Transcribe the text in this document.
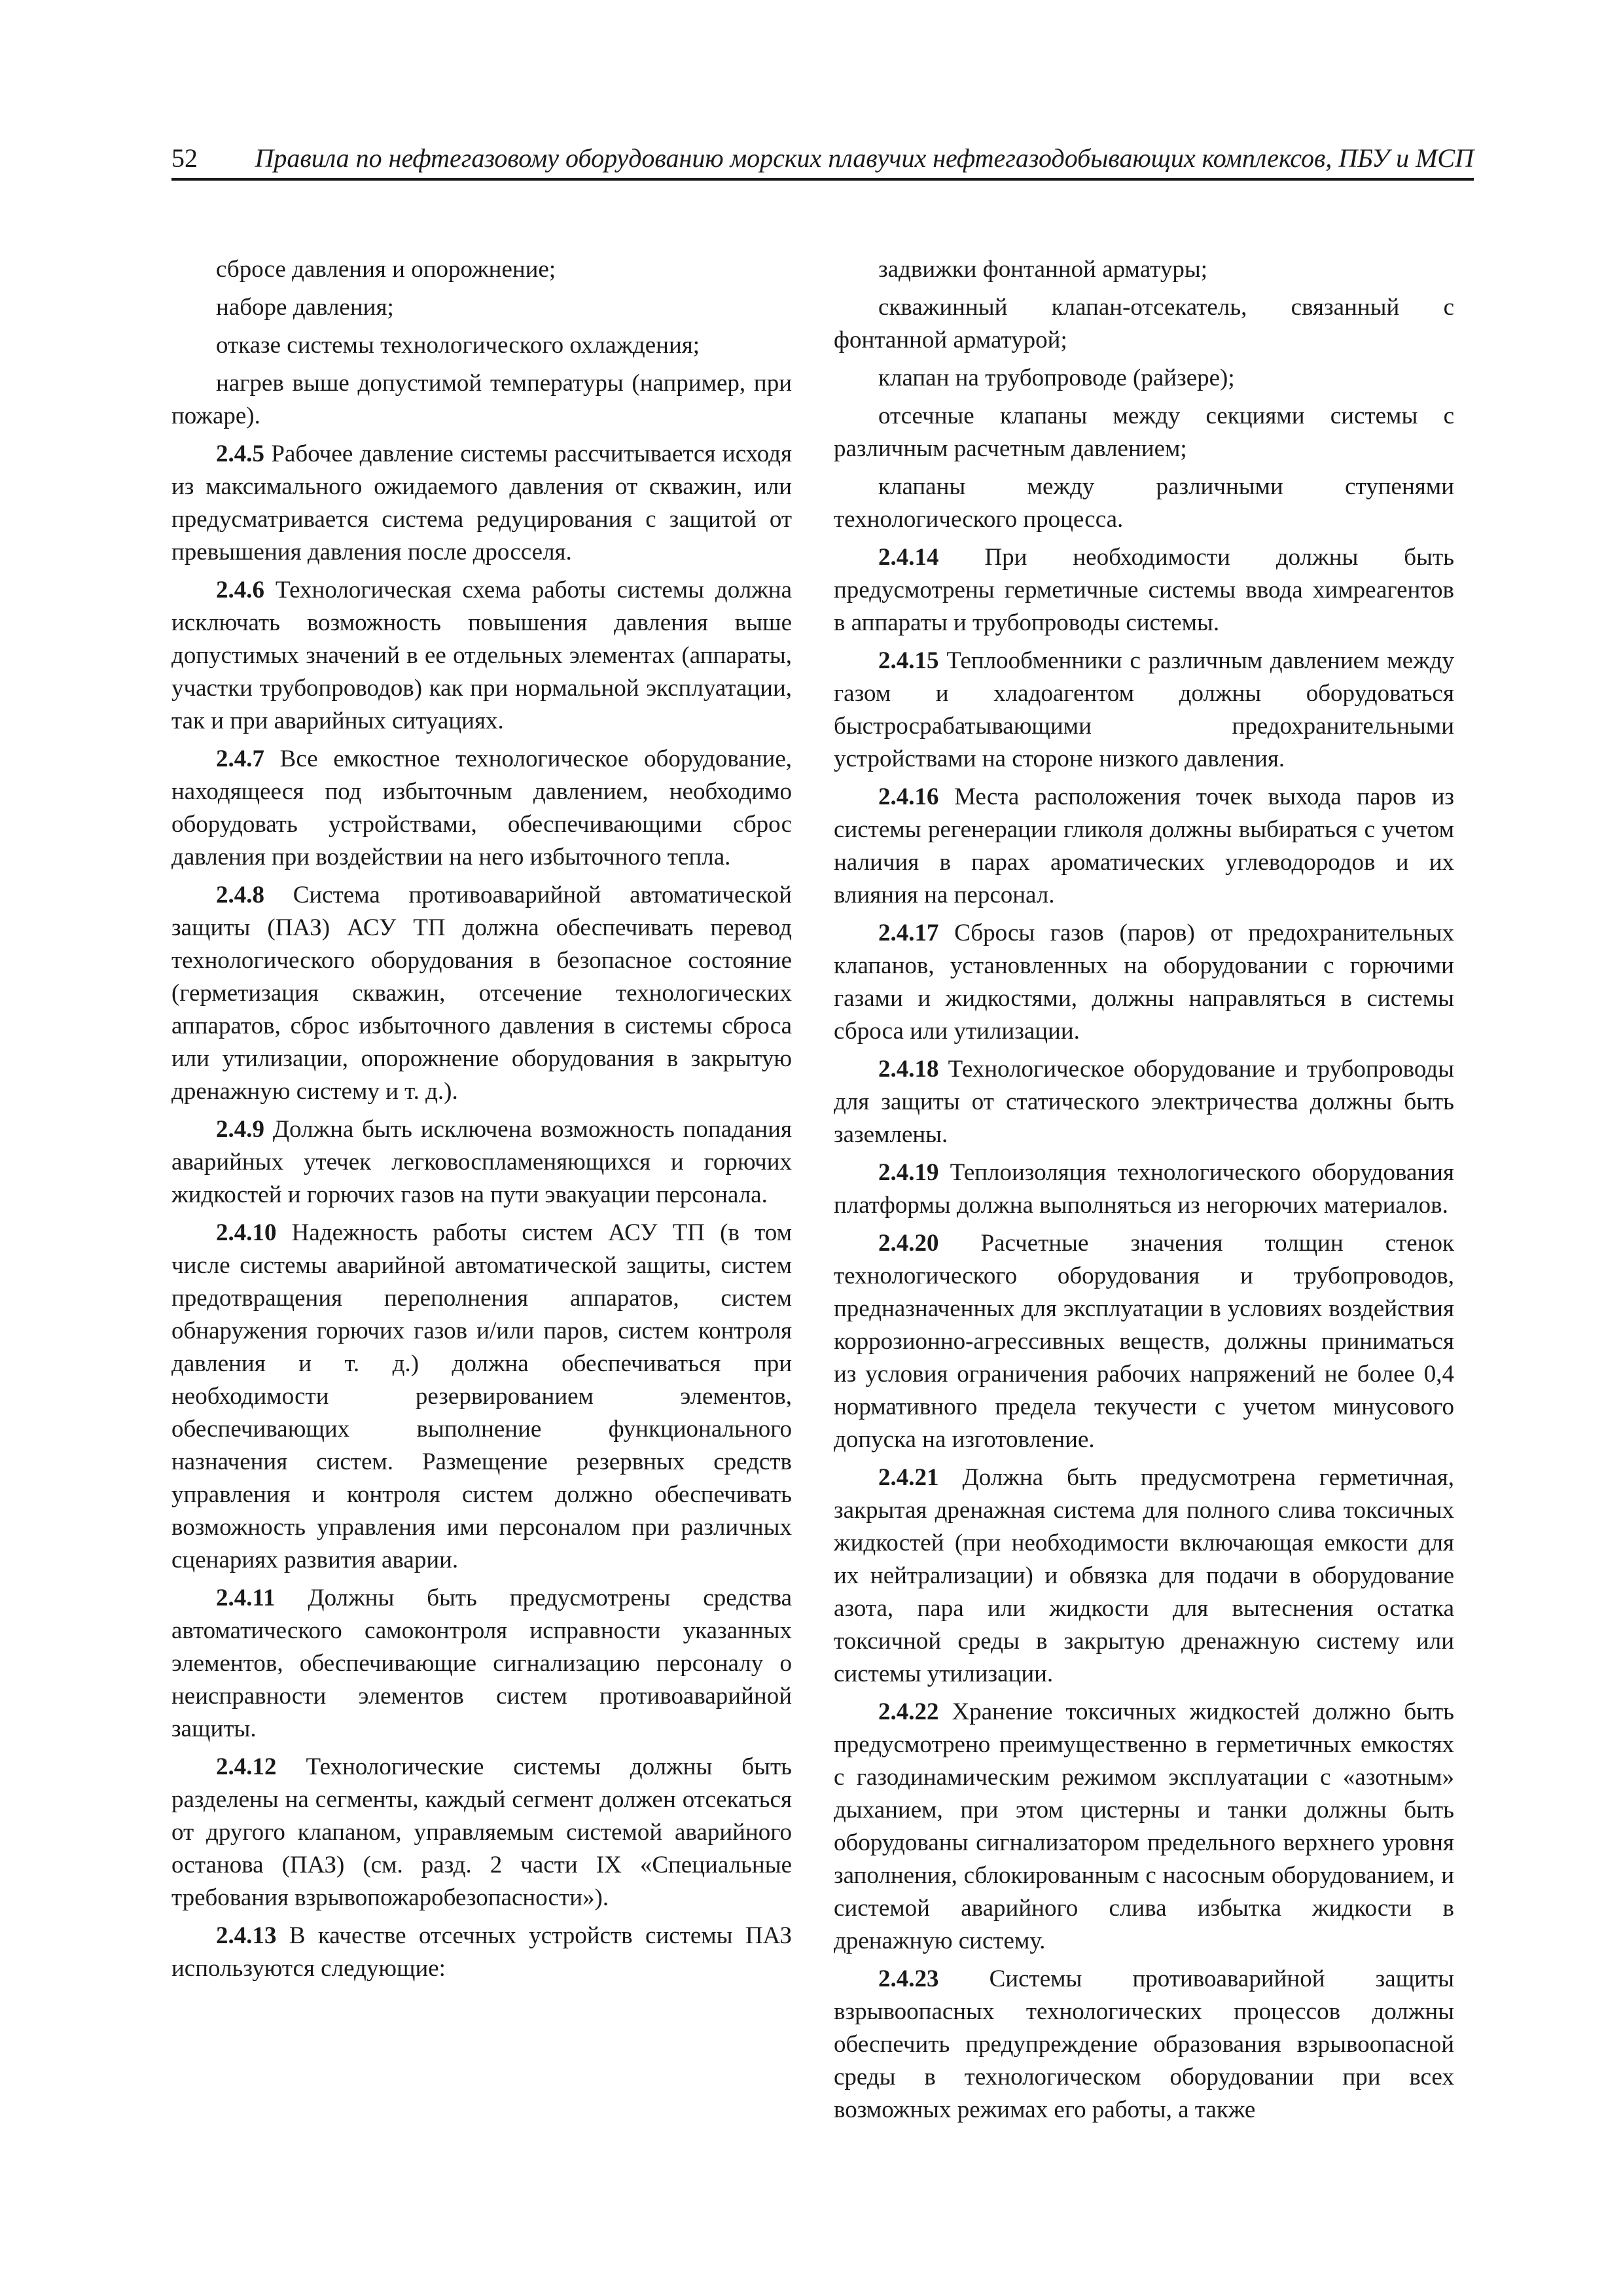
52 Правила по нефтегазовому оборудованию морских плавучих нефтегазодобывающих комплексов, ПБУ и МСП

сбросе давления и опорожнение;

наборе давления;

отказе системы технологического охлаждения;

нагрев выше допустимой температуры (например, при пожаре).

2.4.5 Рабочее давление системы рассчитывается исходя из максимального ожидаемого давления от скважин, или предусматривается система редуцирования с защитой от превышения давления после дросселя.

2.4.6 Технологическая схема работы системы должна исключать возможность повышения давления выше допустимых значений в ее отдельных элементах (аппараты, участки трубопроводов) как при нормальной эксплуатации, так и при аварийных ситуациях.

2.4.7 Все емкостное технологическое оборудование, находящееся под избыточным давлением, необходимо оборудовать устройствами, обеспечивающими сброс давления при воздействии на него избыточного тепла.

2.4.8 Система противоаварийной автоматической защиты (ПАЗ) АСУ ТП должна обеспечивать перевод технологического оборудования в безопасное состояние (герметизация скважин, отсечение технологических аппаратов, сброс избыточного давления в системы сброса или утилизации, опорожнение оборудования в закрытую дренажную систему и т. д.).

2.4.9 Должна быть исключена возможность попадания аварийных утечек легковоспламеняющихся и горючих жидкостей и горючих газов на пути эвакуации персонала.

2.4.10 Надежность работы систем АСУ ТП (в том числе системы аварийной автоматической защиты, систем предотвращения переполнения аппаратов, систем обнаружения горючих газов и/или паров, систем контроля давления и т. д.) должна обеспечиваться при необходимости резервированием элементов, обеспечивающих выполнение функционального назначения систем. Размещение резервных средств управления и контроля систем должно обеспечивать возможность управления ими персоналом при различных сценариях развития аварии.

2.4.11 Должны быть предусмотрены средства автоматического самоконтроля исправности указанных элементов, обеспечивающие сигнализацию персоналу о неисправности элементов систем противоаварийной защиты.

2.4.12 Технологические системы должны быть разделены на сегменты, каждый сегмент должен отсекаться от другого клапаном, управляемым системой аварийного останова (ПАЗ) (см. разд. 2 части IX «Специальные требования взрывопожаробезопасности»).

2.4.13 В качестве отсечных устройств системы ПАЗ используются следующие:

задвижки фонтанной арматуры;

скважинный клапан-отсекатель, связанный с фонтанной арматурой;

клапан на трубопроводе (райзере);

отсечные клапаны между секциями системы с различным расчетным давлением;

клапаны между различными ступенями технологического процесса.

2.4.14 При необходимости должны быть предусмотрены герметичные системы ввода химреагентов в аппараты и трубопроводы системы.

2.4.15 Теплообменники с различным давлением между газом и хладоагентом должны оборудоваться быстросрабатывающими предохранительными устройствами на стороне низкого давления.

2.4.16 Места расположения точек выхода паров из системы регенерации гликоля должны выбираться с учетом наличия в парах ароматических углеводородов и их влияния на персонал.

2.4.17 Сбросы газов (паров) от предохранительных клапанов, установленных на оборудовании с горючими газами и жидкостями, должны направляться в системы сброса или утилизации.

2.4.18 Технологическое оборудование и трубопроводы для защиты от статического электричества должны быть заземлены.

2.4.19 Теплоизоляция технологического оборудования платформы должна выполняться из негорючих материалов.

2.4.20 Расчетные значения толщин стенок технологического оборудования и трубопроводов, предназначенных для эксплуатации в условиях воздействия коррозионно-агрессивных веществ, должны приниматься из условия ограничения рабочих напряжений не более 0,4 нормативного предела текучести с учетом минусового допуска на изготовление.

2.4.21 Должна быть предусмотрена герметичная, закрытая дренажная система для полного слива токсичных жидкостей (при необходимости включающая емкости для их нейтрализации) и обвязка для подачи в оборудование азота, пара или жидкости для вытеснения остатка токсичной среды в закрытую дренажную систему или системы утилизации.

2.4.22 Хранение токсичных жидкостей должно быть предусмотрено преимущественно в герметичных емкостях с газодинамическим режимом эксплуатации с «азотным» дыханием, при этом цистерны и танки должны быть оборудованы сигнализатором предельного верхнего уровня заполнения, сблокированным с насосным оборудованием, и системой аварийного слива избытка жидкости в дренажную систему.

2.4.23 Системы противоаварийной защиты взрывоопасных технологических процессов должны обеспечить предупреждение образования взрывоопасной среды в технологическом оборудовании при всех возможных режимах его работы, а также
